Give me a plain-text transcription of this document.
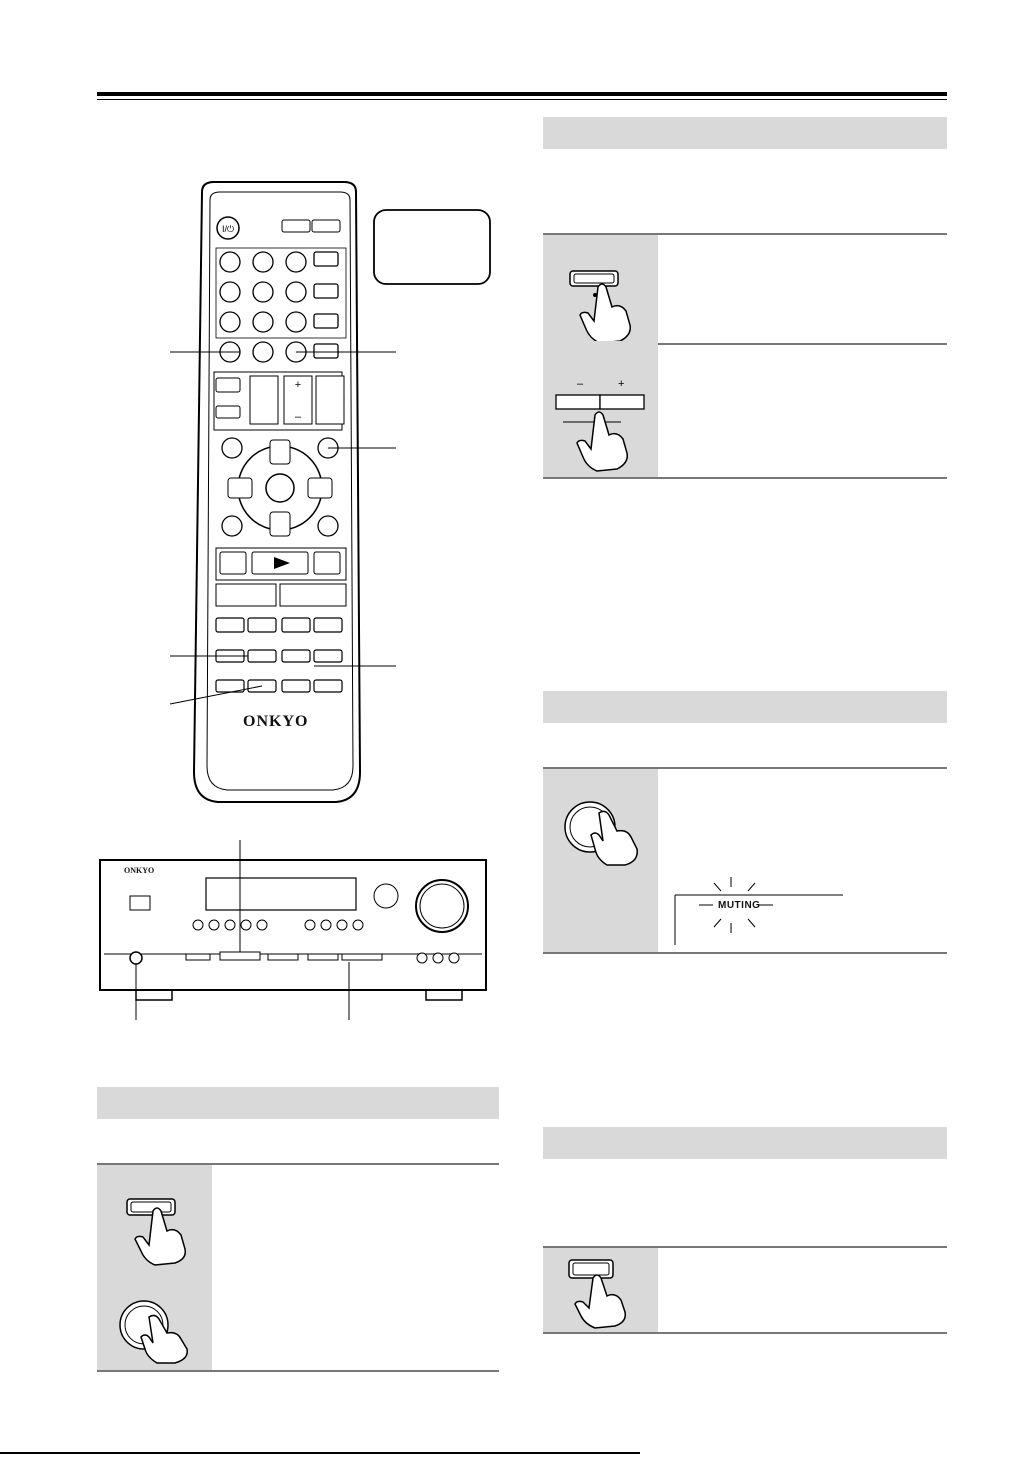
–	+
MUTING
I/⏻
+
–
ONKYO
ONKYO
